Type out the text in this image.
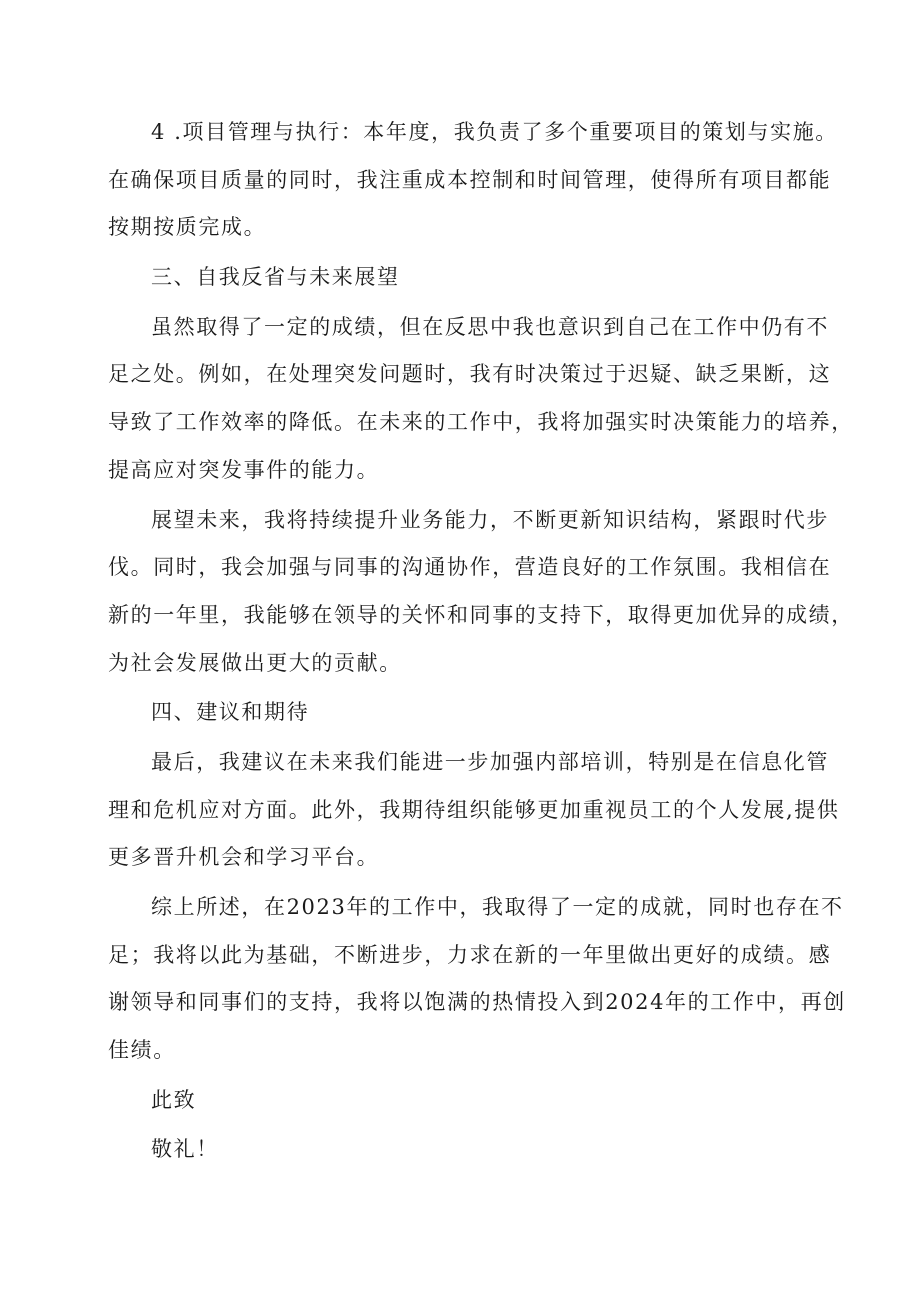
4 .项目管理与执行：本年度，我负责了多个重要项目的策划与实施。
在确保项目质量的同时，我注重成本控制和时间管理，使得所有项目都能
按期按质完成。
三、自我反省与未来展望
虽然取得了一定的成绩，但在反思中我也意识到自己在工作中仍有不
足之处。例如，在处理突发问题时，我有时决策过于迟疑、缺乏果断，这
导致了工作效率的降低。在未来的工作中，我将加强实时决策能力的培养，
提高应对突发事件的能力。
展望未来，我将持续提升业务能力，不断更新知识结构，紧跟时代步
伐。同时，我会加强与同事的沟通协作，营造良好的工作氛围。我相信在
新的一年里，我能够在领导的关怀和同事的支持下，取得更加优异的成绩，
为社会发展做出更大的贡献。
四、建议和期待
最后，我建议在未来我们能进一步加强内部培训，特别是在信息化管
理和危机应对方面。此外，我期待组织能够更加重视员工的个人发展,提供
更多晋升机会和学习平台。
综上所述，在2023年的工作中，我取得了一定的成就，同时也存在不
足；我将以此为基础，不断进步，力求在新的一年里做出更好的成绩。感
谢领导和同事们的支持，我将以饱满的热情投入到2024年的工作中，再创
佳绩。
此致
敬礼！
